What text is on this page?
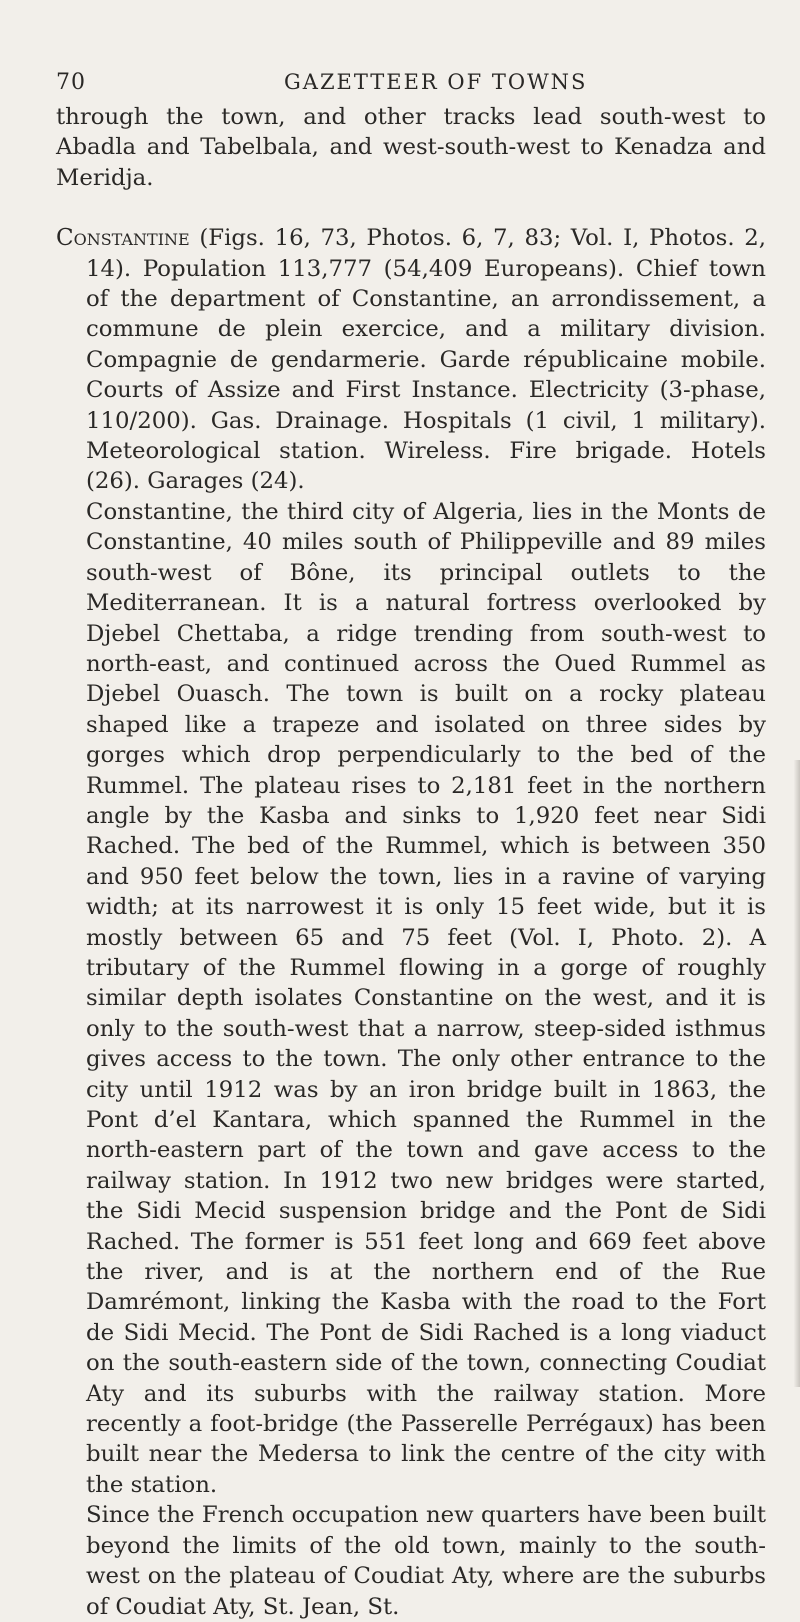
70	GAZETTEER OF TOWNS

through the town, and other tracks lead south-west to Abadla and Tabelbala, and west-south-west to Kenadza and Meridja.

Constantine (Figs. 16, 73, Photos. 6, 7, 83; Vol. I, Photos. 2, 14). Population 113,777 (54,409 Europeans). Chief town of the department of Constantine, an arrondissement, a commune de plein exercice, and a military division. Compagnie de gendarmerie. Garde républicaine mobile. Courts of Assize and First Instance. Electricity (3-phase, 110/200). Gas. Drainage. Hospitals (1 civil, 1 military). Meteorological station. Wireless. Fire brigade. Hotels (26). Garages (24).

Constantine, the third city of Algeria, lies in the Monts de Constantine, 40 miles south of Philippeville and 89 miles south-west of Bône, its principal outlets to the Mediterranean. It is a natural fortress overlooked by Djebel Chettaba, a ridge trending from south-west to north-east, and continued across the Oued Rummel as Djebel Ouasch. The town is built on a rocky plateau shaped like a trapeze and isolated on three sides by gorges which drop perpendicularly to the bed of the Rummel. The plateau rises to 2,181 feet in the northern angle by the Kasba and sinks to 1,920 feet near Sidi Rached. The bed of the Rummel, which is between 350 and 950 feet below the town, lies in a ravine of varying width; at its narrowest it is only 15 feet wide, but it is mostly between 65 and 75 feet (Vol. I, Photo. 2). A tributary of the Rummel flowing in a gorge of roughly similar depth isolates Constantine on the west, and it is only to the south-west that a narrow, steep-sided isthmus gives access to the town. The only other entrance to the city until 1912 was by an iron bridge built in 1863, the Pont d’el Kantara, which spanned the Rummel in the north-eastern part of the town and gave access to the railway station. In 1912 two new bridges were started, the Sidi Mecid suspension bridge and the Pont de Sidi Rached. The former is 551 feet long and 669 feet above the river, and is at the northern end of the Rue Damrémont, linking the Kasba with the road to the Fort de Sidi Mecid. The Pont de Sidi Rached is a long viaduct on the south-eastern side of the town, connecting Coudiat Aty and its suburbs with the railway station. More recently a foot-bridge (the Passerelle Perrégaux) has been built near the Medersa to link the centre of the city with the station.

Since the French occupation new quarters have been built beyond the limits of the old town, mainly to the south-west on the plateau of Coudiat Aty, where are the suburbs of Coudiat Aty, St. Jean, St.
